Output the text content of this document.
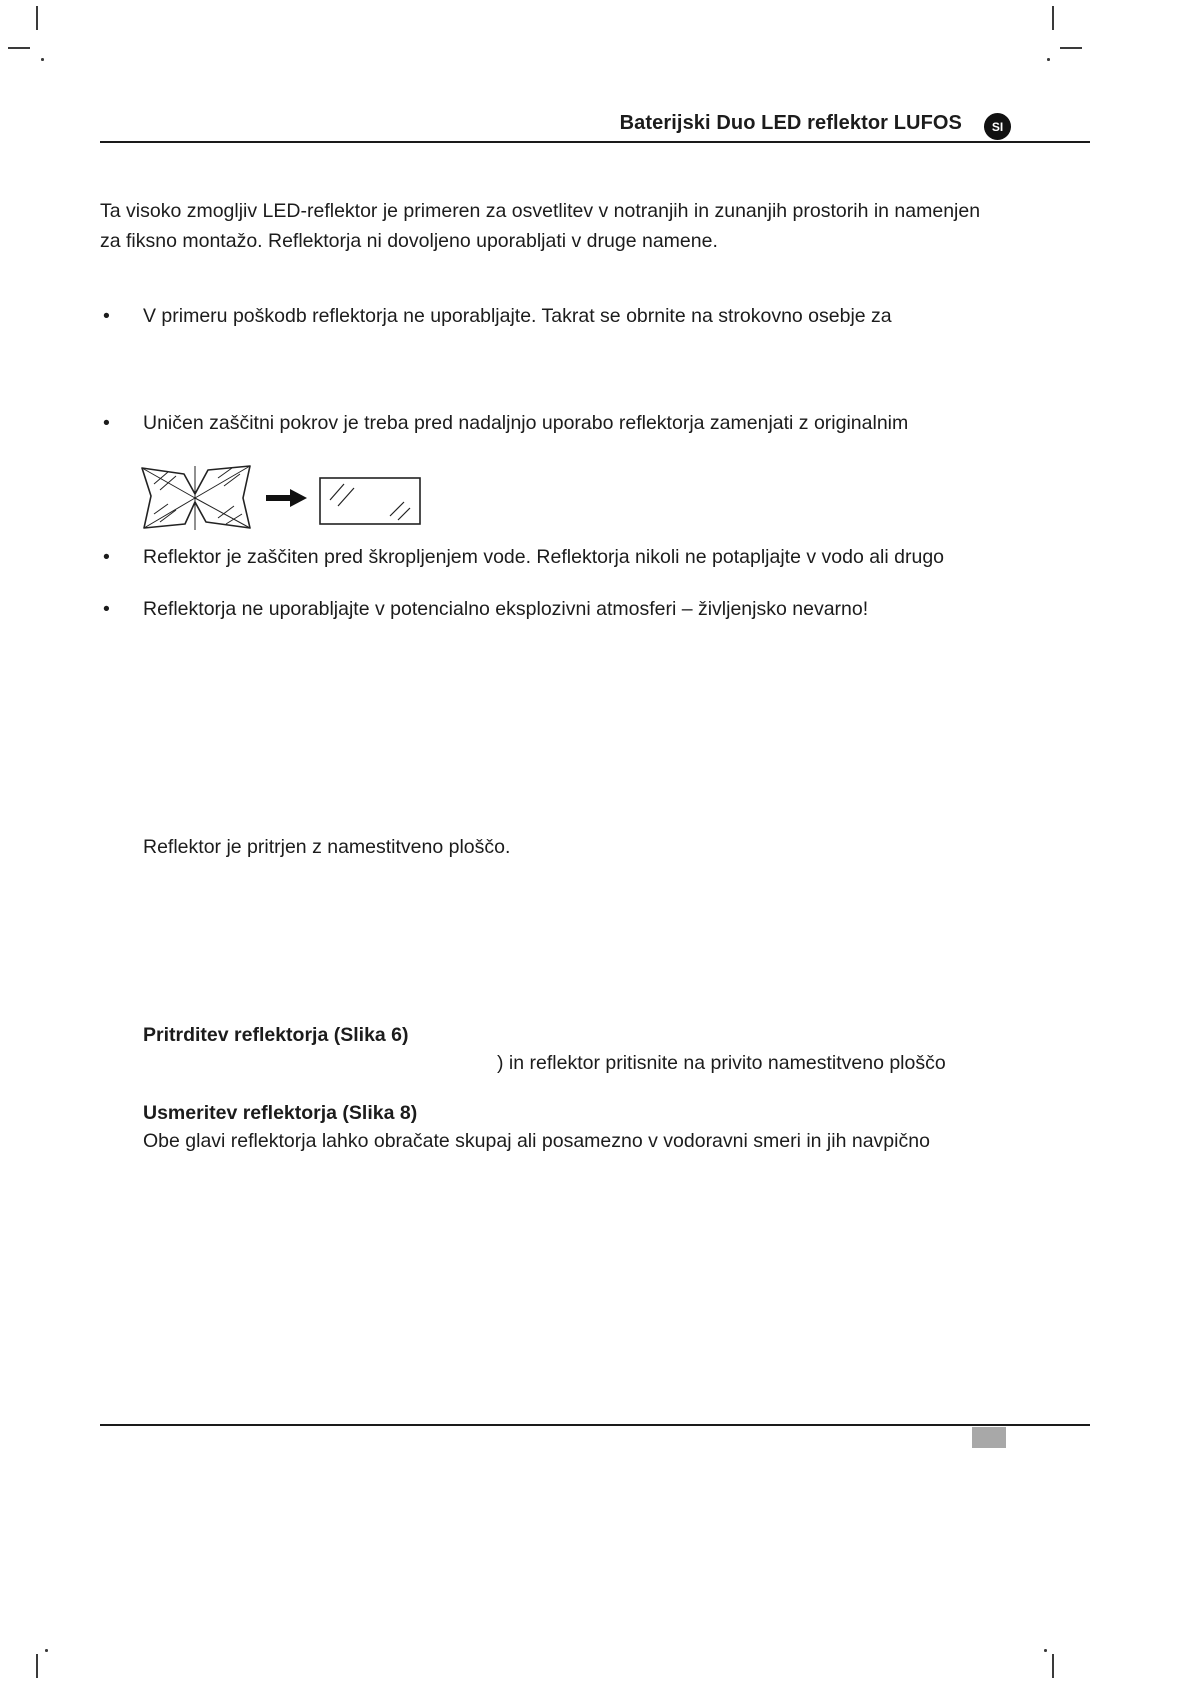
Baterijski Duo LED reflektor LUFOS	SI
Ta visoko zmogljiv LED-reflektor je primeren za osvetlitev v notranjih in zunanjih prostorih in namenjen za fiksno montažo. Reflektorja ni dovoljeno uporabljati v druge namene.
• V primeru poškodb reflektorja ne uporabljajte. Takrat se obrnite na strokovno osebje za
• Uničen zaščitni pokrov je treba pred nadaljnjo uporabo reflektorja zamenjati z originalnim
• Reflektor je zaščiten pred škropljenjem vode. Reflektorja nikoli ne potapljajte v vodo ali drugo
• Reflektorja ne uporabljajte v potencialno eksplozivni atmosferi – življenjsko nevarno!
Reflektor je pritrjen z namestitveno ploščo.
Pritrditev reflektorja (Slika 6)
) in reflektor pritisnite na privito namestitveno ploščo
Usmeritev reflektorja (Slika 8)
Obe glavi reflektorja lahko obračate skupaj ali posamezno v vodoravni smeri in jih navpično
